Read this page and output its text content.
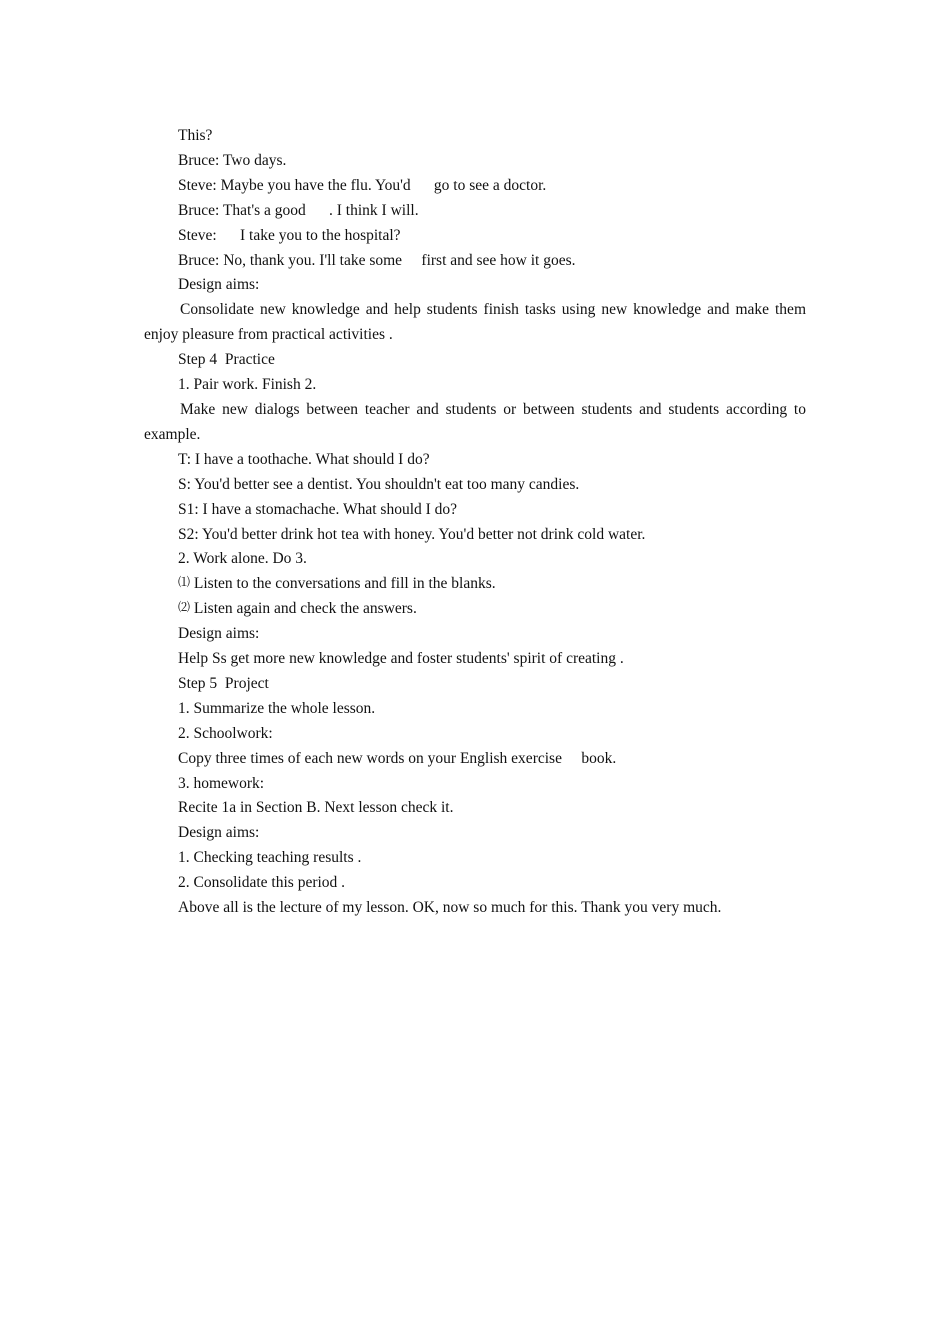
This?
Bruce: Two days.
Steve: Maybe you have the flu. You'd      go to see a doctor.
Bruce: That's a good      . I think I will.
Steve:      I take you to the hospital?
Bruce: No, thank you. I'll take some     first and see how it goes.
Design aims:
Consolidate new knowledge and help students finish tasks using new knowledge and make them enjoy pleasure from practical activities .
Step 4  Practice
1. Pair work. Finish 2.
Make new dialogs between teacher and students or between students and students according to example.
T: I have a toothache. What should I do?
S: You'd better see a dentist. You shouldn't eat too many candies.
S1: I have a stomachache. What should I do?
S2: You'd better drink hot tea with honey. You'd better not drink cold water.
2. Work alone. Do 3.
⑴ Listen to the conversations and fill in the blanks.
⑵ Listen again and check the answers.
Design aims:
Help Ss get more new knowledge and foster students' spirit of creating .
Step 5  Project
1. Summarize the whole lesson.
2. Schoolwork:
Copy three times of each new words on your English exercise     book.
3. homework:
Recite 1a in Section B. Next lesson check it.
Design aims:
1. Checking teaching results .
2. Consolidate this period .
Above all is the lecture of my lesson. OK, now so much for this. Thank you very much.
